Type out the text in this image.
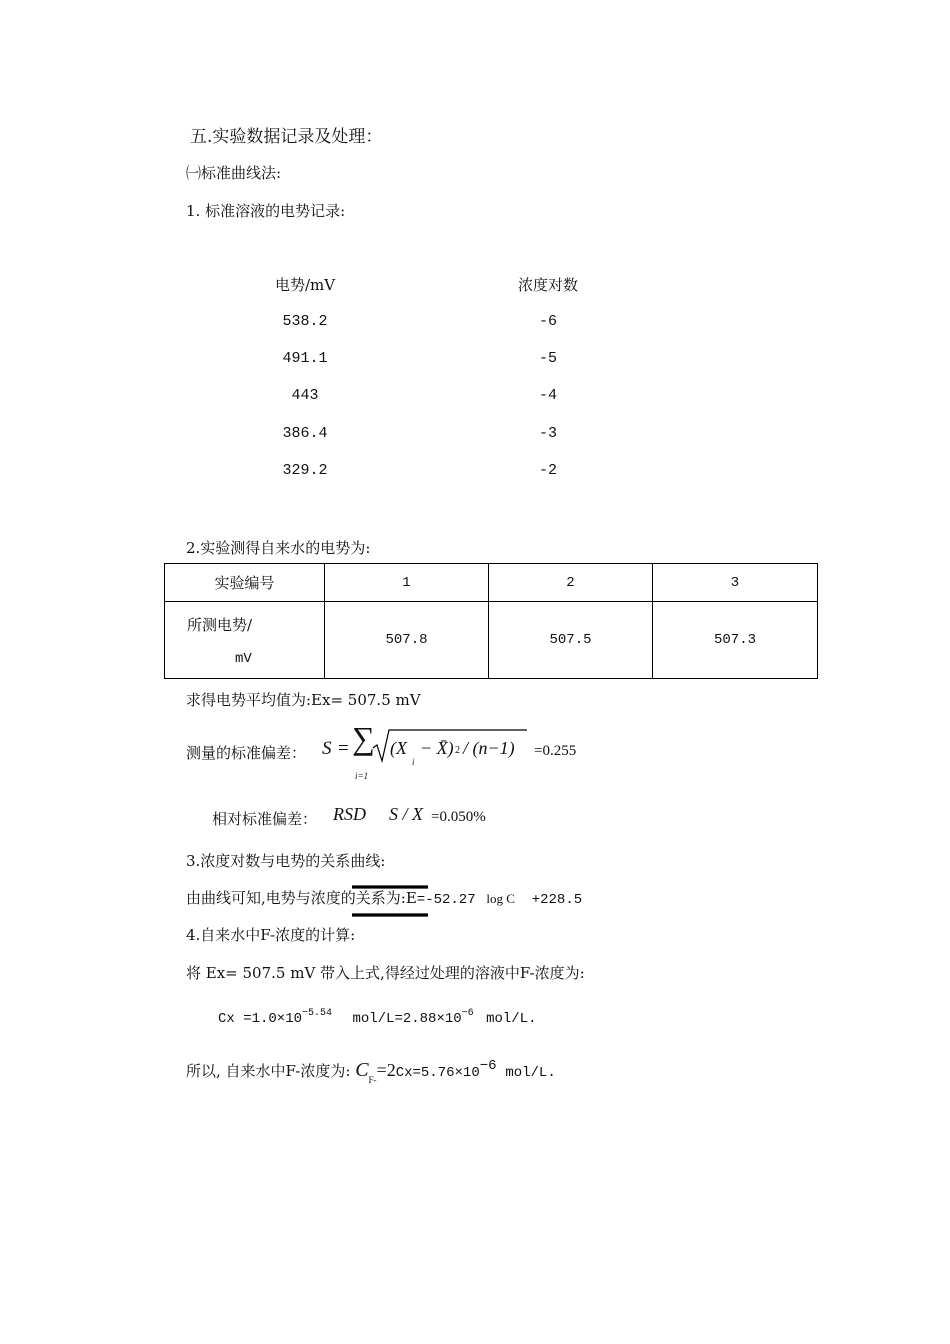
五.实验数据记录及处理：
㈠标准曲线法:
1. 标准溶液的电势记录:
电势/mV	浓度对数
538.2	-6
491.1	-5
443	-4
386.4	-3
329.2	-2
2.实验测得自来水的电势为:
实验编号	1	2	3

所测电势/
mV	507.8	507.5	507.3
求得电势平均值为:Ex= 507.5 mV
测量的标准偏差： S = ∑
i=1
(X
i
− X̄) 2 / (n−1) =0.255
相对标准偏差： RSD S / X =0.050%
3.浓度对数与电势的关系曲线:
由曲线可知,电势与浓度的关系为:E
=-52.27 log C +228.5
4.自来水中F-浓度的计算:
将 Ex= 507.5 mV 带入上式,得经过处理的溶液中F-浓度为:
$Cx =1.0\times 10^{-5.54}$ mol/$L=2.88\times 10^{-6}$ mol/L.
所以, 自来水中F-浓度为: $C_{F-}=2Cx=5.76\times 10^{-6}$ mol/L.
